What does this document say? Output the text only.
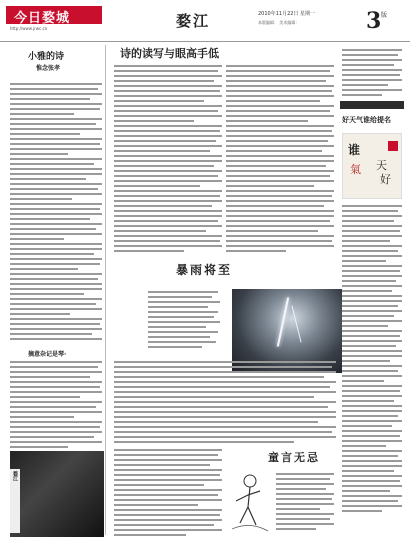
今日婺城
http://www.jrwc.cn	婺江	2010年11月22日 星期一
本版编辑： 美术编辑：	3 版
小雅的诗
惟念张孝
摘意杂记是琴·
婺江
诗的读写与眼高手低
暴雨将至
童言无忌
好天气谁给提名
谁
氣 天
好
